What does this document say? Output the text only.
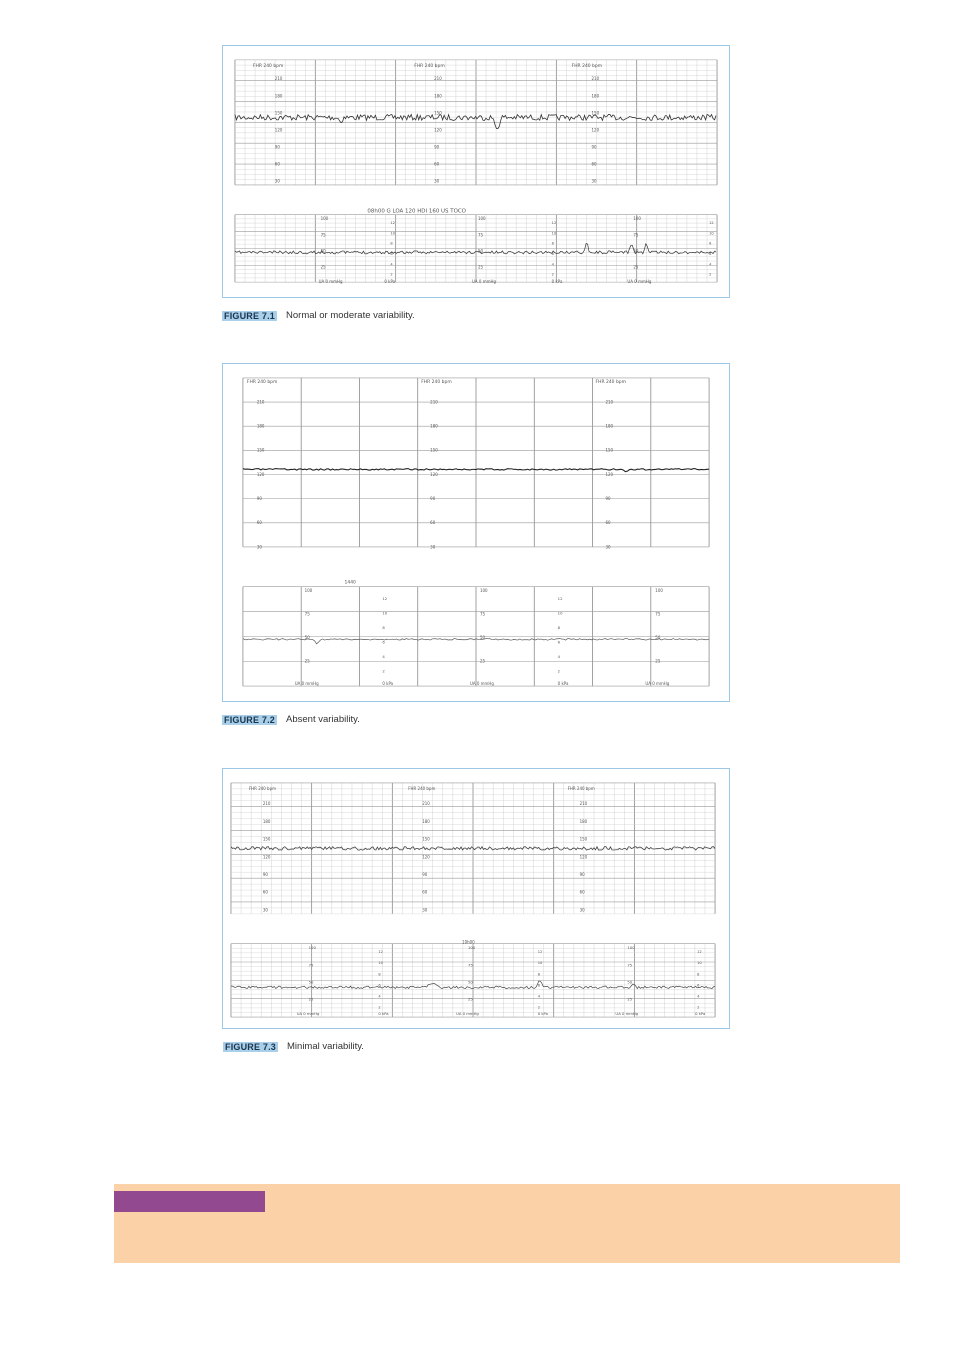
210
180
150
120
90
60
30
210
180
150
120
90
60
30
210
180
150
120
90
60
30
100
75
50
25
100
75
50
25
100
75
50
25
12
10
8
6
4
2
12
10
8
6
4
2
12
10
8
6
4
2
FHR 240 bpm	FHR 240 bpm	FHR 240 bpm
08h00 G LOA 120 HDI 160 US TOCO
UA 0 mmHg	UA 0 mmHg	UA 0 mmHg
0 kPa	0 kPa
FIGURE 7.1 Normal or moderate variability.
210
180
150
120
90
60
30
210
180
150
120
90
60
30
210
180
150
120
90
60
30
100
75
50
25
100
75
50
25
100
75
50
25
12
10
8
6
4
2
12
10
8
6
4
2
FHR 240 bpm	FHR 240 bpm	FHR 240 bpm
1440
UA 0 mmHg	UA 0 mmHg	UA 0 mmHg
0 kPa	0 kPa
FIGURE 7.2 Absent variability.
210
180
150
120
90
60
30
210
180
150
120
90
60
30
210
180
150
120
90
60
30
100
75
50
25
100
75
50
25
100
75
50
25
12
10
8
6
4
2
12
10
8
6
4
2
12
10
8
6
4
2
FHR 240 bpm	FHR 240 bpm	FHR 240 bpm
10h00
UA 0 mmHg	UA 0 mmHg	UA 0 mmHg
0 kPa	0 kPa	0 kPa
FIGURE 7.3 Minimal variability.
